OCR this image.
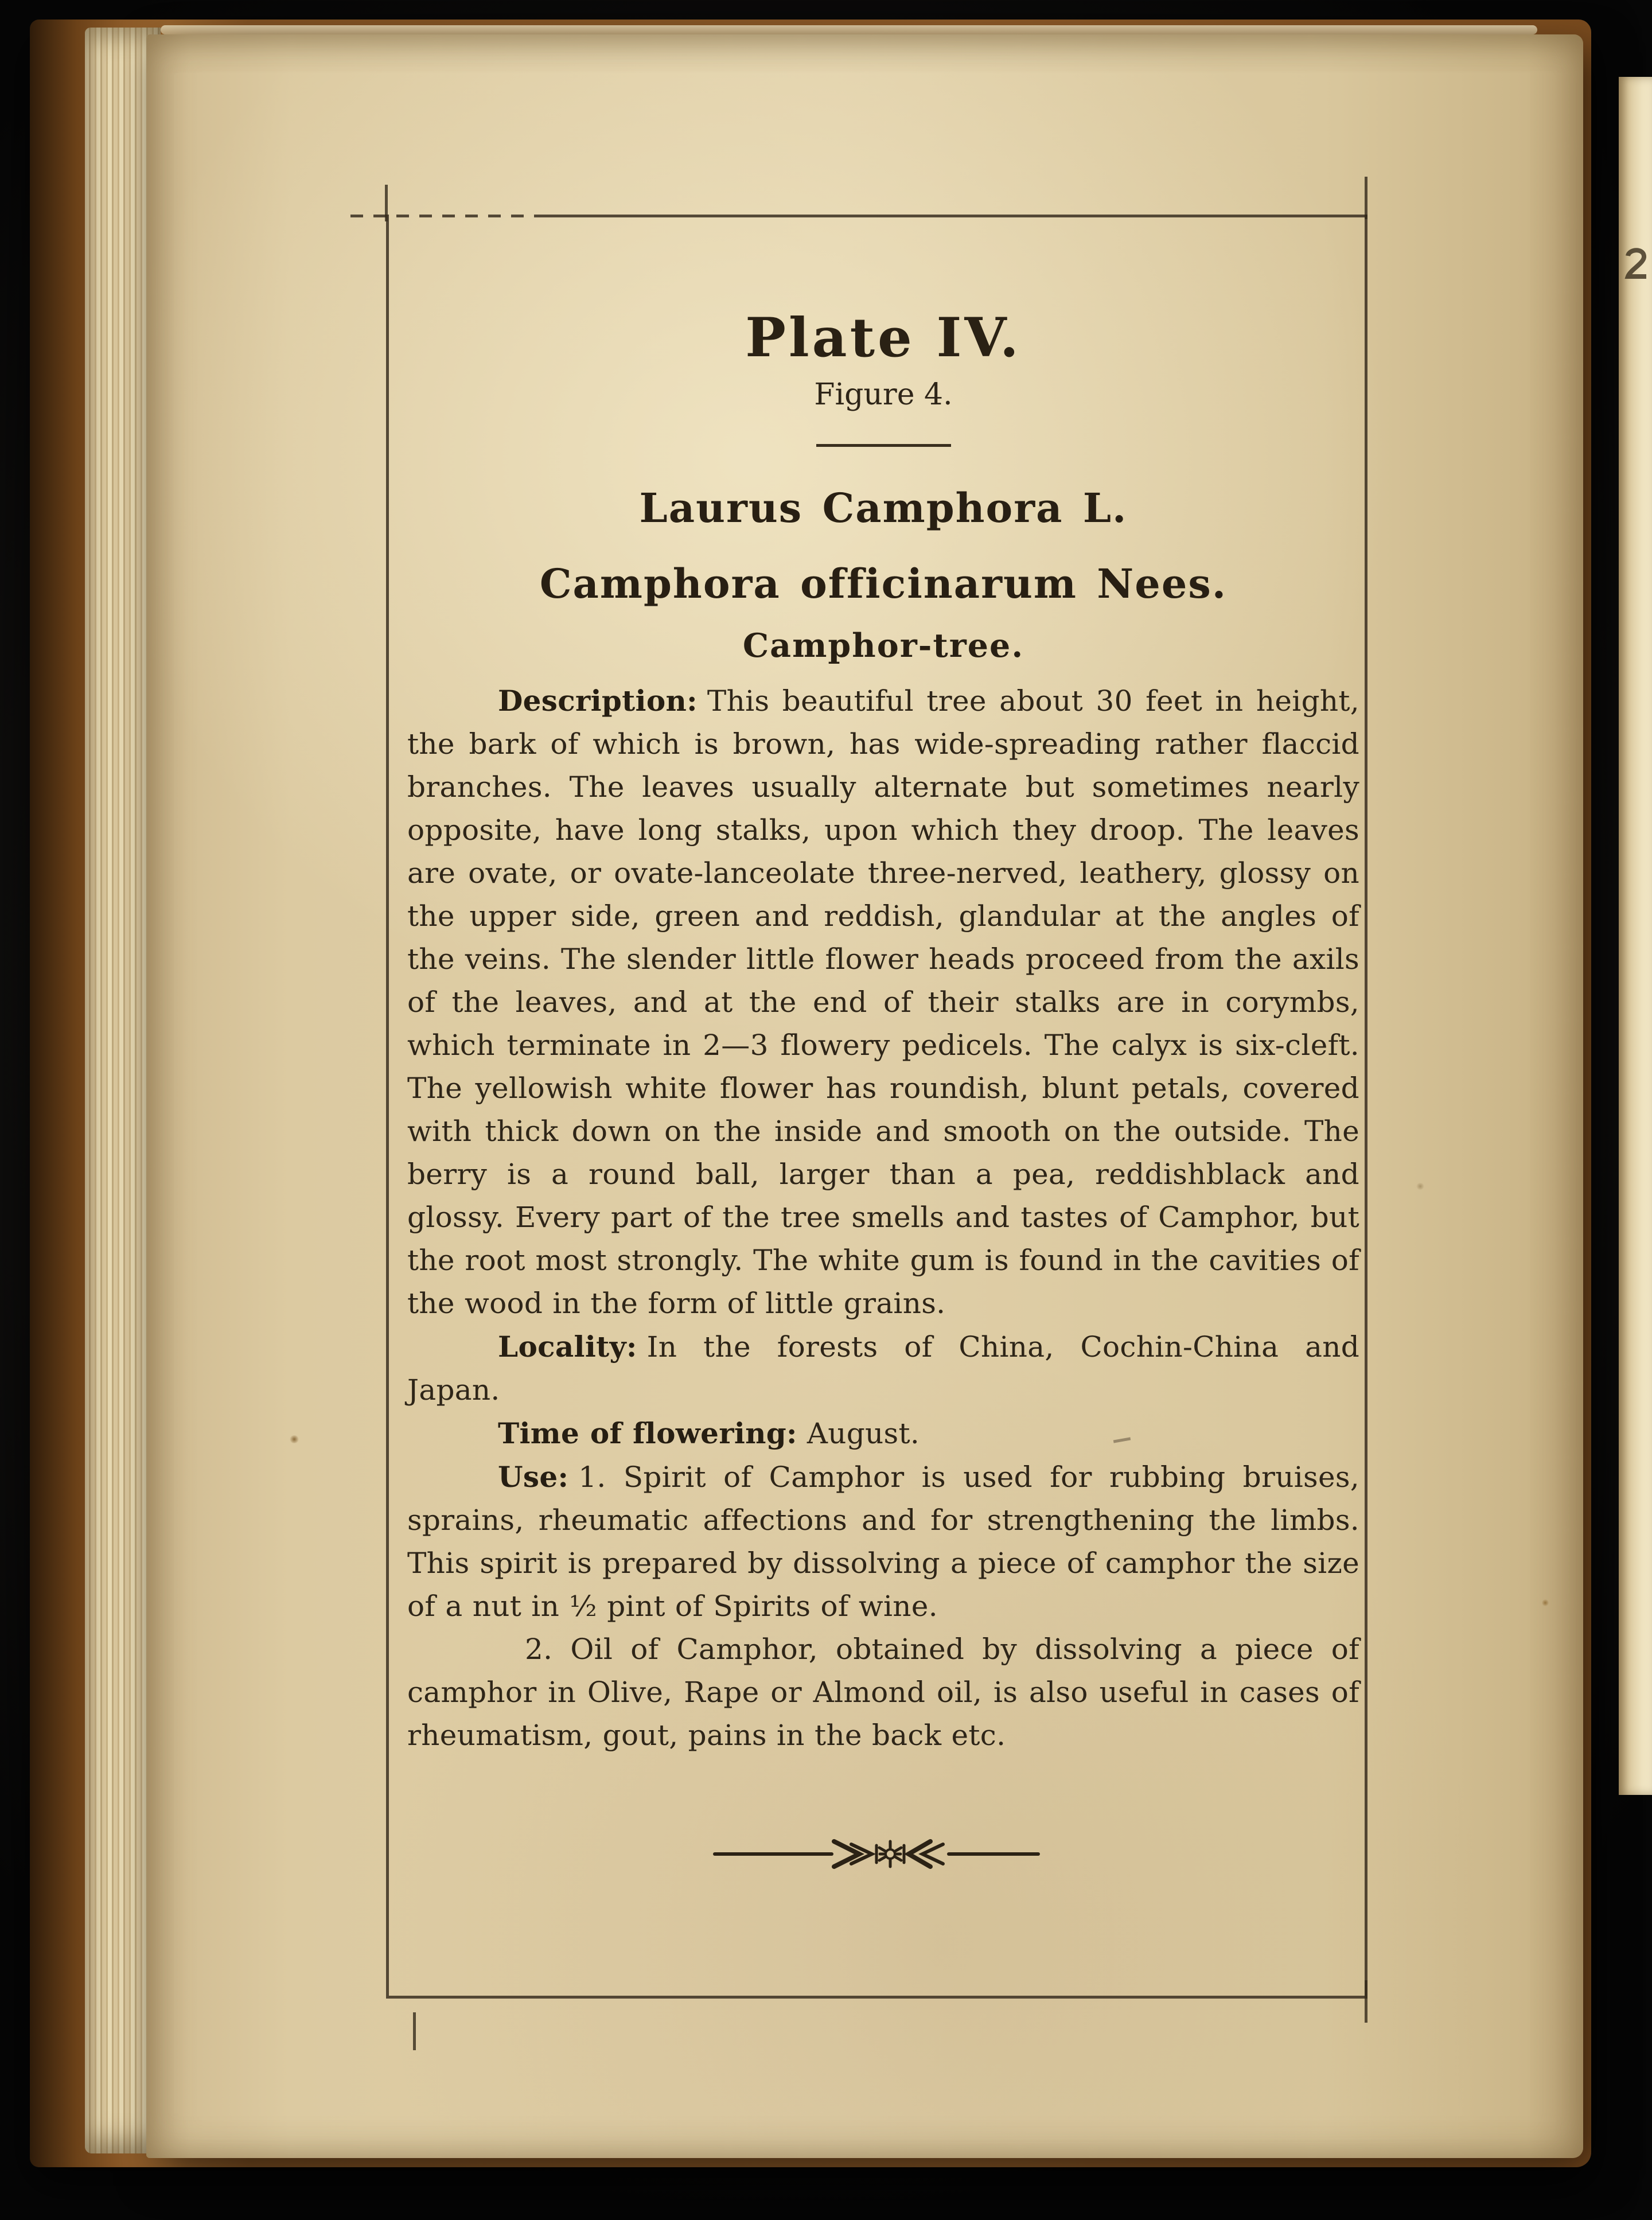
Plate IV.
Figure 4.
Laurus Camphora L.
Camphora officinarum Nees.
Camphor-tree.

Description: This beautiful tree about 30 feet in height, the bark of which is brown, has wide-spreading rather flaccid branches. The leaves usually alternate but sometimes nearly opposite, have long stalks, upon which they droop. The leaves are ovate, or ovate-lanceolate three-nerved, leathery, glossy on the upper side, green and reddish, glandular at the angles of the veins. The slender little flower heads proceed from the axils of the leaves, and at the end of their stalks are in corymbs, which terminate in 2—3 flowery pedicels. The calyx is six-cleft. The yellowish white flower has roundish, blunt petals, covered with thick down on the inside and smooth on the outside. The berry is a round ball, larger than a pea, reddishblack and glossy. Every part of the tree smells and tastes of Camphor, but the root most strongly. The white gum is found in the cavities of the wood in the form of little grains.

Locality: In the forests of China, Cochin-China and Japan.

Time of flowering: August.

Use: 1. Spirit of Camphor is used for rubbing bruises, sprains, rheumatic affections and for strengthening the limbs. This spirit is prepared by dissolving a piece of camphor the size of a nut in ½ pint of Spirits of wine.

2. Oil of Camphor, obtained by dissolving a piece of camphor in Olive, Rape or Almond oil, is also useful in cases of rheumatism, gout, pains in the back etc.
